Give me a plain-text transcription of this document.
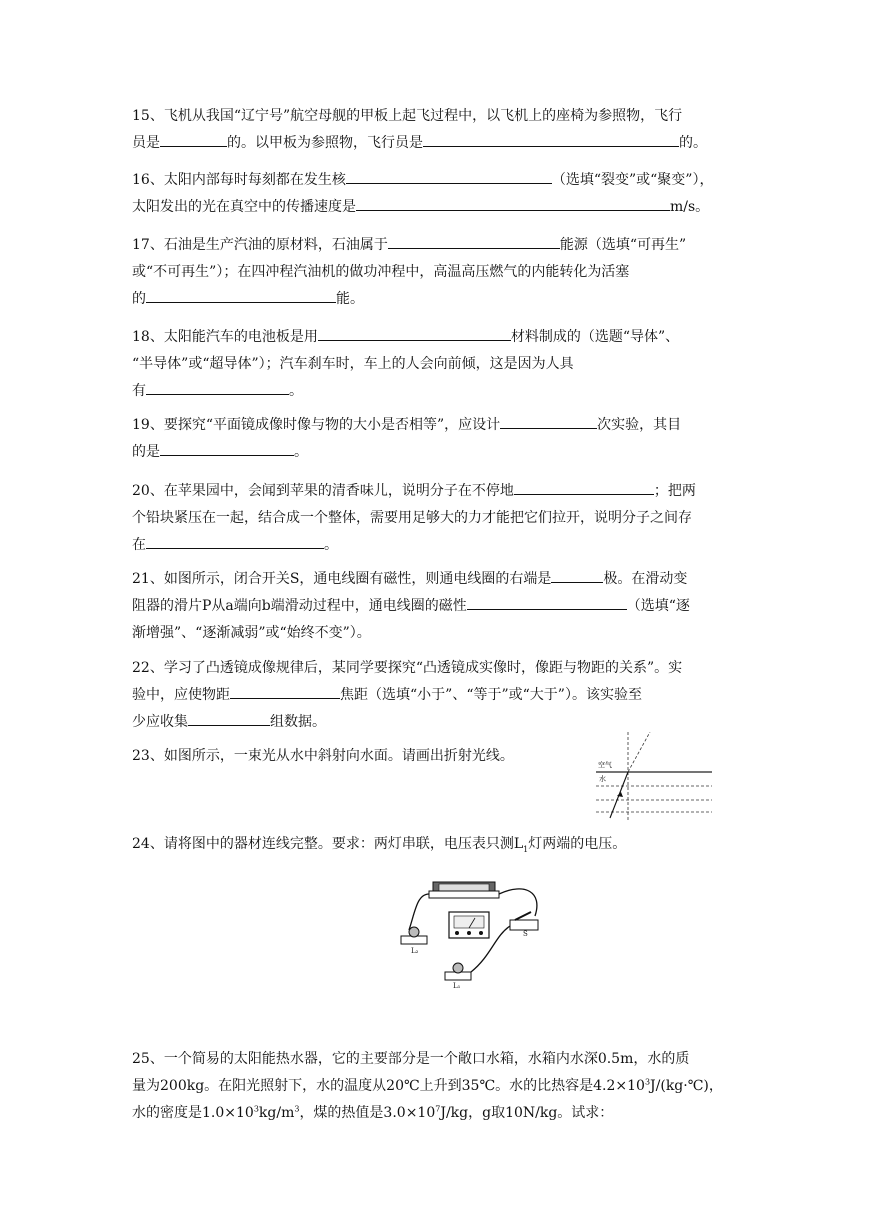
15、飞机从我国“辽宁号”航空母舰的甲板上起飞过程中，以飞机上的座椅为参照物，飞行
员是	的。以甲板为参照物，飞行员是	的。
16、太阳内部每时每刻都在发生核	（选填“裂变”或“聚变”），
太阳发出的光在真空中的传播速度是	m/s。
17、石油是生产汽油的原材料，石油属于	能源（选填“可再生”
或“不可再生”）；在四冲程汽油机的做功冲程中，高温高压燃气的内能转化为活塞
的	能。
18、太阳能汽车的电池板是用	材料制成的（选题“导体”、
“半导体”或“超导体”）；汽车刹车时，车上的人会向前倾，这是因为人具
有	。
19、要探究“平面镜成像时像与物的大小是否相等”，应设计	次实验，其目
的是	。
20、在苹果园中，会闻到苹果的清香味儿，说明分子在不停地	；把两
个铅块紧压在一起，结合成一个整体，需要用足够大的力才能把它们拉开，说明分子之间存
在	。
21、如图所示，闭合开关S，通电线圈有磁性，则通电线圈的右端是	极。在滑动变
阻器的滑片P从a端向b端滑动过程中，通电线圈的磁性	（选填“逐
渐增强”、“逐渐减弱”或“始终不变”）。
22、学习了凸透镜成像规律后，某同学要探究“凸透镜成实像时，像距与物距的关系”。实
验中，应使物距	焦距（选填“小于”、“等于”或“大于”）。该实验至
少应收集	组数据。
23、如图所示，一束光从水中斜射向水面。请画出折射光线。
空气
水
24、请将图中的器材连线完整。要求：两灯串联，电压表只测$L_1$灯两端的电压。
L₂
L₁
S
25、一个简易的太阳能热水器，它的主要部分是一个敞口水箱，水箱内水深0.5m，水的质
量为200kg。在阳光照射下，水的温度从20℃上升到35℃。水的比热容是$4.2\times 10^3J/(kg\cdot℃)$，
水的密度是$1.0\times 10^3kg/m^3$，煤的热值是$3.0\times 10^7J/kg$，g取10N/kg。试求：
